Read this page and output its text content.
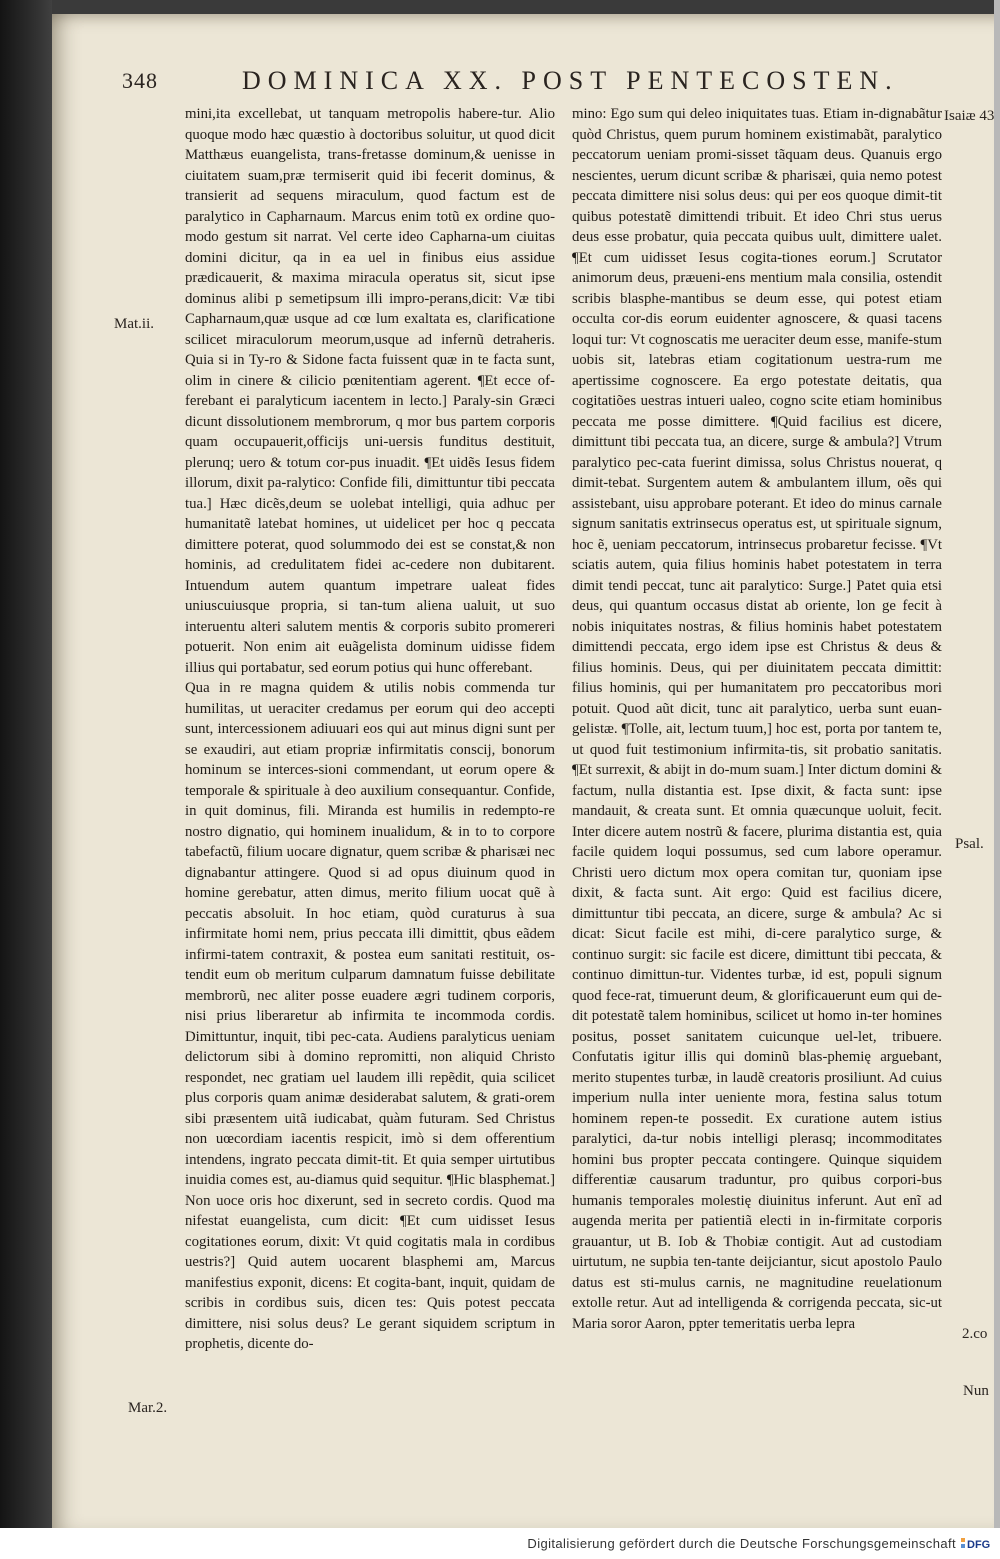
348	DOMINICA XX. POST PENTECOSTEN.

mini,ita excellebat, ut tanquam metropolis habere-tur. Alio quoque modo hæc quæstio à doctoribus soluitur, ut quod dicit Matthæus euangelista, trans-fretasse dominum,& uenisse in ciuitatem suam,præ termiserit quid ibi fecerit dominus, & transierit ad sequens miraculum, quod factum est de paralytico in Capharnaum. Marcus enim totũ ex ordine quo-modo gestum sit narrat. Vel certe ideo Capharna-um ciuitas domini dicitur, qa in ea uel in finibus eius assidue prædicauerit, & maxima miracula operatus sit, sicut ipse dominus alibi p semetipsum illi impro-perans,dicit: Væ tibi Capharnaum,quæ usque ad cœ lum exaltata es, clarificatione scilicet miraculorum meorum,usque ad infernũ detraheris. Quia si in Ty-ro & Sidone facta fuissent quæ in te facta sunt, olim in cinere & cilicio pœnitentiam agerent. ¶Et ecce of-ferebant ei paralyticum iacentem in lecto.] Paraly-sin Græci dicunt dissolutionem membrorum, q mor bus partem corporis quam occupauerit,officijs uni-uersis funditus destituit, plerunq; uero & totum cor-pus inuadit. ¶Et uidẽs Iesus fidem illorum, dixit pa-ralytico: Confide fili, dimittuntur tibi peccata tua.] Hæc dicẽs,deum se uolebat intelligi, quia adhuc per humanitatẽ latebat homines, ut uidelicet per hoc q peccata dimittere poterat, quod solummodo dei est se constat,& non hominis, ad credulitatem fidei ac-cedere non dubitarent. Intuendum autem quantum impetrare ualeat fides uniuscuiusque propria, si tan-tum aliena ualuit, ut suo interuentu alteri salutem mentis & corporis subito promereri potuerit. Non enim ait euãgelista dominum uidisse fidem illius qui portabatur, sed eorum potius qui hunc offerebant.

Qua in re magna quidem & utilis nobis commenda tur humilitas, ut ueraciter credamus per eorum qui deo accepti sunt, intercessionem adiuuari eos qui aut minus digni sunt per se exaudiri, aut etiam propriæ infirmitatis conscij, bonorum hominum se interces-sioni commendant, ut eorum opere & temporale & spirituale à deo auxilium consequantur. Confide, in quit dominus, fili. Miranda est humilis in redempto-re nostro dignatio, qui hominem inualidum, & in to to corpore tabefactũ, filium uocare dignatur, quem scribæ & pharisæi nec dignabantur attingere. Quod si ad opus diuinum quod in homine gerebatur, atten dimus, merito filium uocat quẽ à peccatis absoluit. In hoc etiam, quòd curaturus à sua infirmitate homi nem, prius peccata illi dimittit, qbus eãdem infirmi-tatem contraxit, & postea eum sanitati restituit, os-tendit eum ob meritum culparum damnatum fuisse debilitate membrorũ, nec aliter posse euadere ægri tudinem corporis, nisi prius liberaretur ab infirmita te incommoda cordis. Dimittuntur, inquit, tibi pec-cata. Audiens paralyticus ueniam delictorum sibi à domino repromitti, non aliquid Christo respondet, nec gratiam uel laudem illi repẽdit, quia scilicet plus corporis quam animæ desiderabat salutem, & grati-orem sibi præsentem uitã iudicabat, quàm futuram. Sed Christus non uœcordiam iacentis respicit, imò si dem offerentium intendens, ingrato peccata dimit-tit. Et quia semper uirtutibus inuidia comes est, au-diamus quid sequitur. ¶Hic blasphemat.] Non uoce oris hoc dixerunt, sed in secreto cordis. Quod ma nifestat euangelista, cum dicit: ¶Et cum uidisset Iesus cogitationes eorum, dixit: Vt quid cogitatis mala in cordibus uestris?] Quid autem uocarent blasphemi am, Marcus manifestius exponit, dicens: Et cogita-bant, inquit, quidam de scribis in cordibus suis, dicen tes: Quis potest peccata dimittere, nisi solus deus? Le gerant siquidem scriptum in prophetis, dicente do-

mino: Ego sum qui deleo iniquitates tuas. Etiam in-dignabãtur quòd Christus, quem purum hominem existimabãt, paralytico peccatorum ueniam promi-sisset tãquam deus. Quanuis ergo nescientes, uerum dicunt scribæ & pharisæi, quia nemo potest peccata dimittere nisi solus deus: qui per eos quoque dimit-tit quibus potestatẽ dimittendi tribuit. Et ideo Chri stus uerus deus esse probatur, quia peccata quibus uult, dimittere ualet. ¶Et cum uidisset Iesus cogita-tiones eorum.] Scrutator animorum deus, præueni-ens mentium mala consilia, ostendit scribis blasphe-mantibus se deum esse, qui potest etiam occulta cor-dis eorum euidenter agnoscere, & quasi tacens loqui tur: Vt cognoscatis me ueraciter deum esse, manife-stum uobis sit, latebras etiam cogitationum uestra-rum me apertissime cognoscere. Ea ergo potestate deitatis, qua cogitatiões uestras intueri ualeo, cogno scite etiam hominibus peccata me posse dimittere. ¶Quid facilius est dicere, dimittunt tibi peccata tua, an dicere, surge & ambula?] Vtrum paralytico pec-cata fuerint dimissa, solus Christus nouerat, q dimit-tebat. Surgentem autem & ambulantem illum, oẽs qui assistebant, uisu approbare poterant. Et ideo do minus carnale signum sanitatis extrinsecus operatus est, ut spirituale signum, hoc ẽ, ueniam peccatorum, intrinsecus probaretur fecisse. ¶Vt sciatis autem, quia filius hominis habet potestatem in terra dimit tendi peccat, tunc ait paralytico: Surge.] Patet quia etsi deus, qui quantum occasus distat ab oriente, lon ge fecit à nobis iniquitates nostras, & filius hominis habet potestatem dimittendi peccata, ergo idem ipse est Christus & deus & filius hominis. Deus, qui per diuinitatem peccata dimittit: filius hominis, qui per humanitatem pro peccatoribus mori potuit. Quod aũt dicit, tunc ait paralytico, uerba sunt euan-gelistæ. ¶Tolle, ait, lectum tuum,] hoc est, porta por tantem te, ut quod fuit testimonium infirmita-tis, sit probatio sanitatis. ¶Et surrexit, & abijt in do-mum suam.] Inter dictum domini & factum, nulla distantia est. Ipse dixit, & facta sunt: ipse mandauit, & creata sunt. Et omnia quæcunque uoluit, fecit. Inter dicere autem nostrũ & facere, plurima distantia est, quia facile quidem loqui possumus, sed cum labore operamur. Christi uero dictum mox opera comitan tur, quoniam ipse dixit, & facta sunt. Ait ergo: Quid est facilius dicere, dimittuntur tibi peccata, an dicere, surge & ambula? Ac si dicat: Sicut facile est mihi, di-cere paralytico surge, & continuo surgit: sic facile est dicere, dimittunt tibi peccata, & continuo dimittun-tur. Videntes turbæ, id est, populi signum quod fece-rat, timuerunt deum, & glorificauerunt eum qui de-dit potestatẽ talem hominibus, scilicet ut homo in-ter homines positus, posset sanitatem cuicunque uel-let, tribuere. Confutatis igitur illis qui dominũ blas-phemię arguebant, merito stupentes turbæ, in laudẽ creatoris prosiliunt. Ad cuius imperium nulla inter ueniente mora, festina salus totum hominem repen-te possedit. Ex curatione autem istius paralytici, da-tur nobis intelligi plerasq; incommoditates homini bus propter peccata contingere. Quinque siquidem differentiæ causarum traduntur, pro quibus corpori-bus humanis temporales molestię diuinitus inferunt. Aut enĩ ad augenda merita per patientiã electi in in-firmitate corporis grauantur, ut B. Iob & Thobiæ contigit. Aut ad custodiam uirtutum, ne supbia ten-tante deijciantur, sicut apostolo Paulo datus est sti-mulus carnis, ne magnitudine reuelationum extolle retur. Aut ad intelligenda & corrigenda peccata, sic-ut Maria soror Aaron, ppter temeritatis uerba lepra

Mat.ii.
Mar.2.
Isaiæ 43
Psal.
2.co
Nun
Digitalisierung gefördert durch die Deutsche Forschungsgemeinschaft DFG
